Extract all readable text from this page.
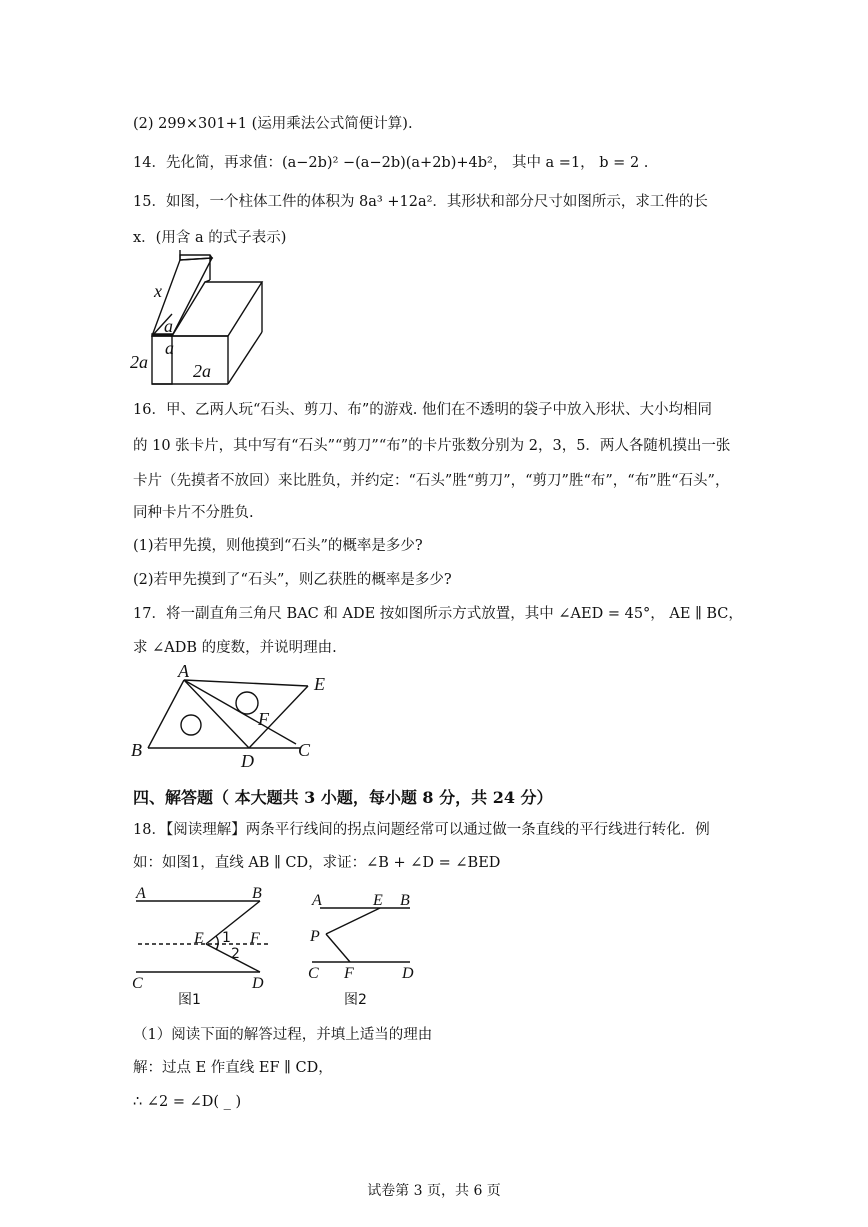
(2) 299×301+1 (运用乘法公式简便计算).
14．先化简，再求值：(a−2b)² −(a−2b)(a+2b)+4b²， 其中 a =1， b = 2 .
15．如图，一个柱体工件的体积为 8a³ +12a²．其形状和部分尺寸如图所示，求工件的长
x．(用含 a 的式子表示)
x
a
a
2a	2a
16．甲、乙两人玩“石头、剪刀、布”的游戏. 他们在不透明的袋子中放入形状、大小均相同
的 10 张卡片，其中写有“石头”“剪刀”“布”的卡片张数分别为 2，3，5．两人各随机摸出一张
卡片（先摸者不放回）来比胜负，并约定：“石头”胜“剪刀”，“剪刀”胜“布”，“布”胜“石头”，
同种卡片不分胜负.
(1)若甲先摸，则他摸到“石头”的概率是多少?
(2)若甲先摸到了“石头”，则乙获胜的概率是多少?
17．将一副直角三角尺 BAC 和 ADE 按如图所示方式放置，其中 ∠AED = 45°， AE ∥ BC，
求 ∠ADB 的度数，并说明理由.
A
E
F
B
D
C
四、解答题（ 本大题共 3 小题，每小题 8 分，共 24 分）
18．【阅读理解】两条平行线间的拐点问题经常可以通过做一条直线的平行线进行转化．例
如：如图1，直线 AB ∥ CD，求证：∠B + ∠D = ∠BED
A	B
E 1 F
2
C	D
图1
A	E B
P
C F	D
图2
（1）阅读下面的解答过程，并填上适当的理由
解：过点 E 作直线 EF ∥ CD，
∴ ∠2 = ∠D( _ )
试卷第 3 页，共 6 页
